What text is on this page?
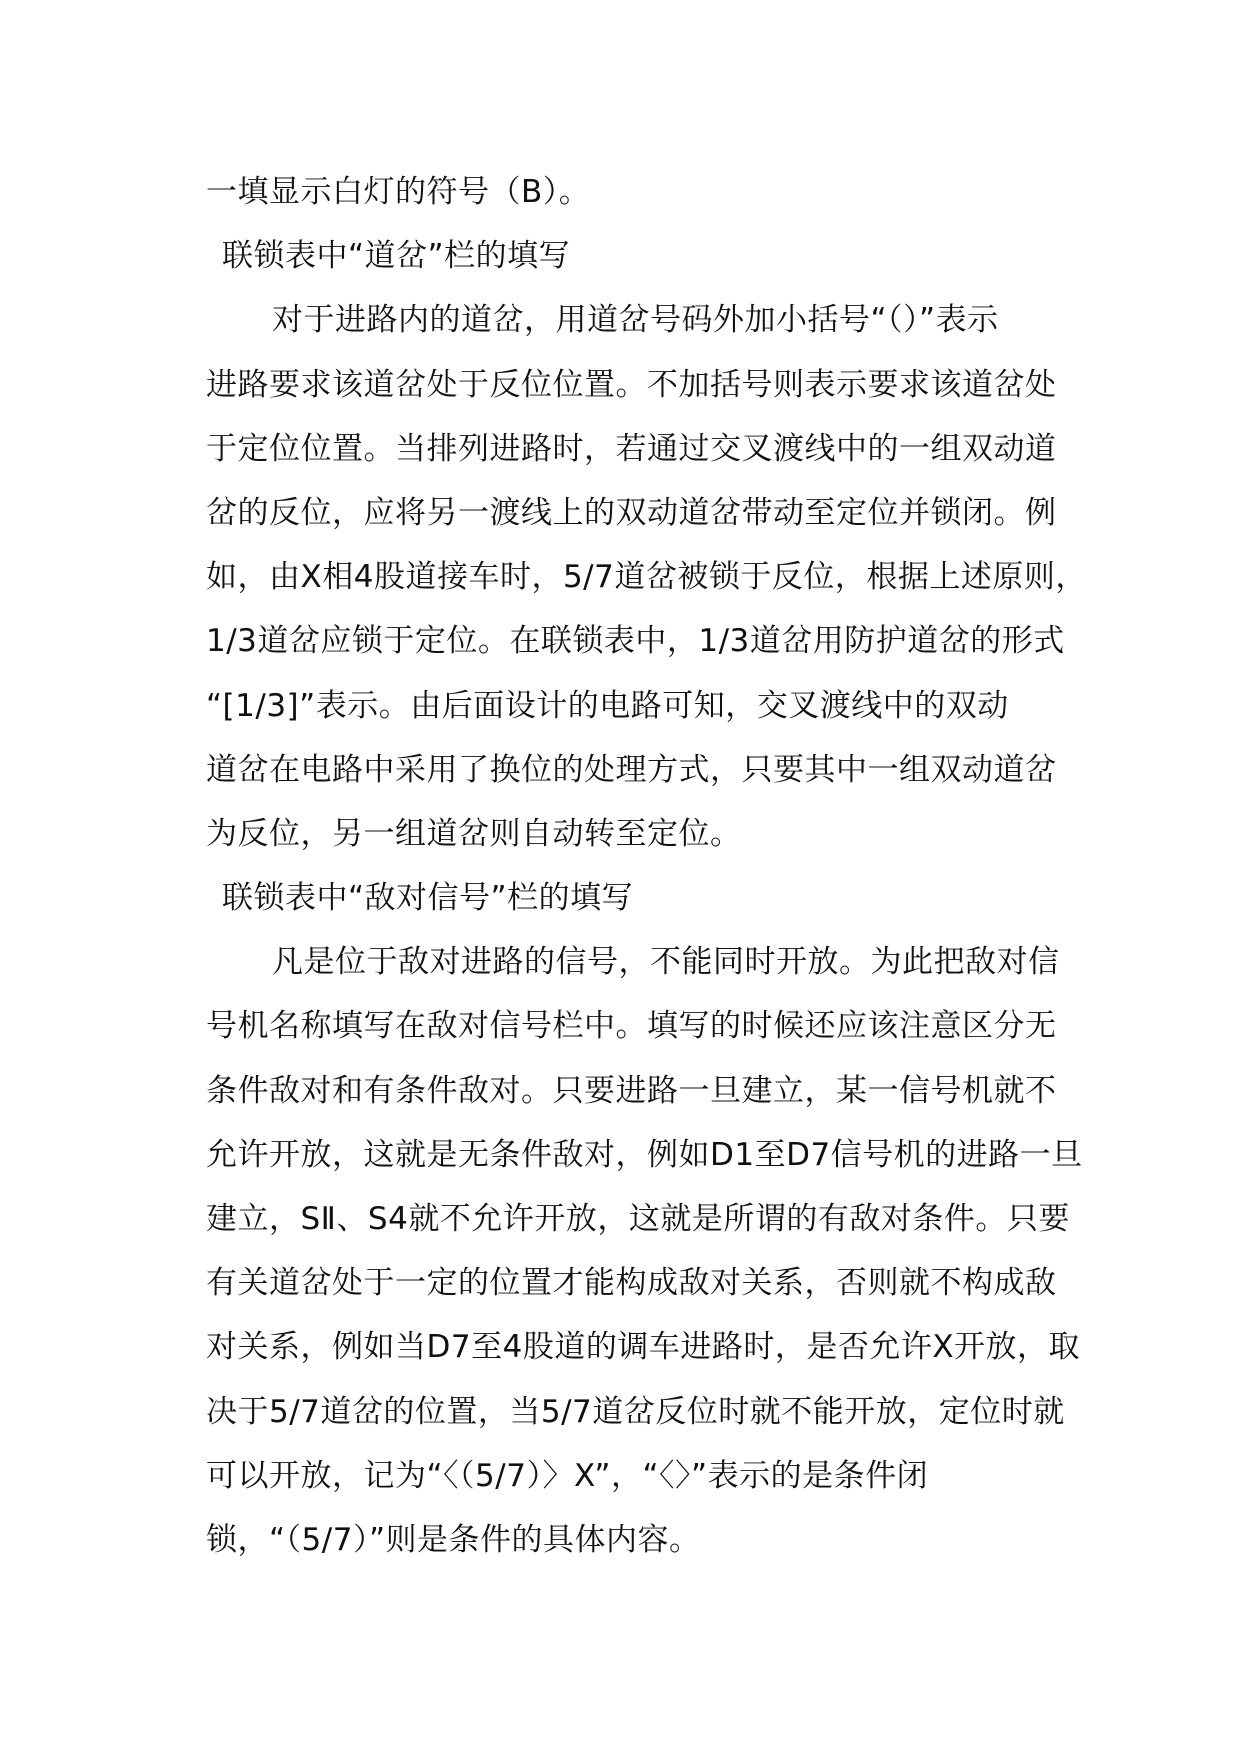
一填显示白灯的符号（B）。
联锁表中“道岔”栏的填写
对于进路内的道岔，用道岔号码外加小括号“（）”表示
进路要求该道岔处于反位位置。不加括号则表示要求该道岔处
于定位位置。当排列进路时，若通过交叉渡线中的一组双动道
岔的反位，应将另一渡线上的双动道岔带动至定位并锁闭。例
如，由X相4股道接车时，5/7道岔被锁于反位，根据上述原则，
1/3道岔应锁于定位。在联锁表中，1/3道岔用防护道岔的形式
“[1/3]”表示。由后面设计的电路可知，交叉渡线中的双动
道岔在电路中采用了换位的处理方式，只要其中一组双动道岔
为反位，另一组道岔则自动转至定位。
联锁表中“敌对信号”栏的填写
凡是位于敌对进路的信号，不能同时开放。为此把敌对信
号机名称填写在敌对信号栏中。填写的时候还应该注意区分无
条件敌对和有条件敌对。只要进路一旦建立，某一信号机就不
允许开放，这就是无条件敌对，例如D1至D7信号机的进路一旦
建立，SⅡ、S4就不允许开放，这就是所谓的有敌对条件。只要
有关道岔处于一定的位置才能构成敌对关系，否则就不构成敌
对关系，例如当D7至4股道的调车进路时，是否允许X开放，取
决于5/7道岔的位置，当5/7道岔反位时就不能开放，定位时就
可以开放，记为“〈（5/7）〉X”，“〈〉”表示的是条件闭
锁，“（5/7）”则是条件的具体内容。
